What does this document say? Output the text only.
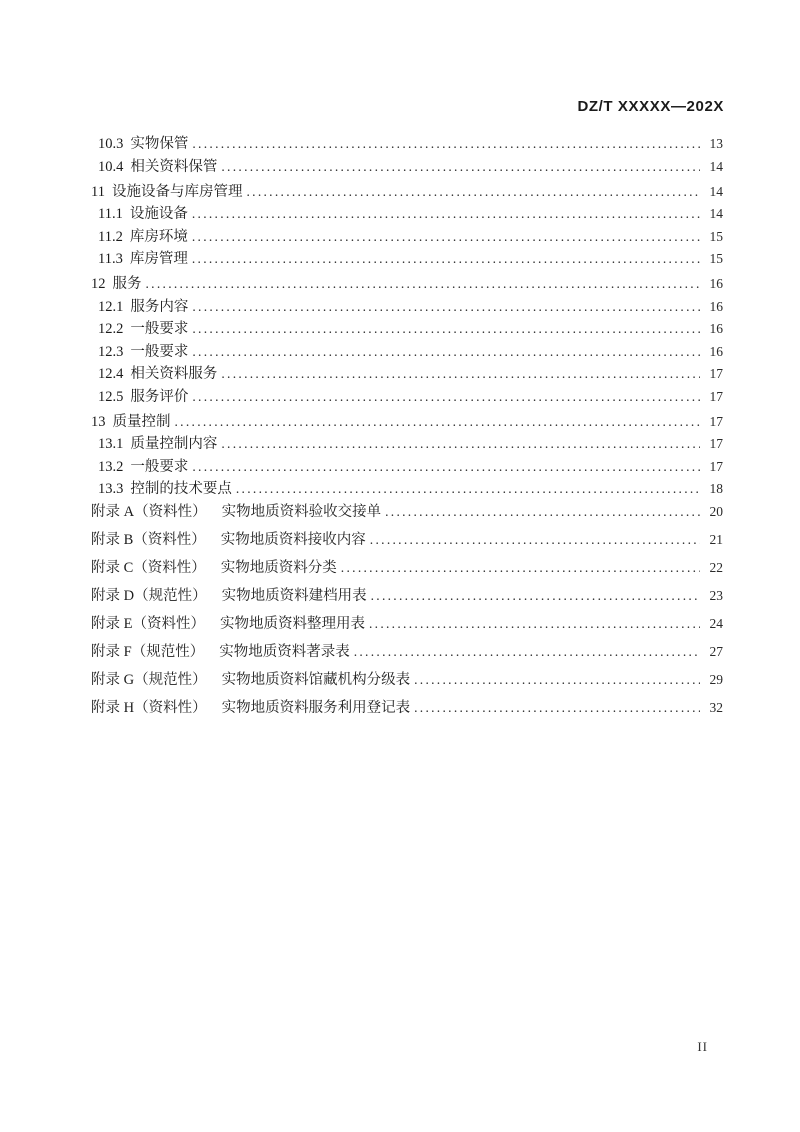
DZ/T XXXXX—202X
10.3 实物保管 .....	13
10.4 相关资料保管 .....	14
11 设施设备与库房管理 .....	14
11.1 设施设备 .....	14
11.2 库房环境 .....	15
11.3 库房管理 .....	15
12 服务 .....	16
12.1 服务内容 .....	16
12.2 一般要求 .....	16
12.3 一般要求 .....	16
12.4 相关资料服务 .....	17
12.5 服务评价 .....	17
13 质量控制 .....	17
13.1 质量控制内容 .....	17
13.2 一般要求 .....	17
13.3 控制的技术要点 .....	18
附录 A（资料性） 实物地质资料验收交接单 .....	20
附录 B（资料性） 实物地质资料接收内容 .....	21
附录 C（资料性） 实物地质资料分类 .....	22
附录 D（规范性） 实物地质资料建档用表 .....	23
附录 E（资料性） 实物地质资料整理用表 .....	24
附录 F（规范性） 实物地质资料著录表 .....	27
附录 G（规范性） 实物地质资料馆藏机构分级表 .....	29
附录 H（资料性） 实物地质资料服务利用登记表 .....	32
II
